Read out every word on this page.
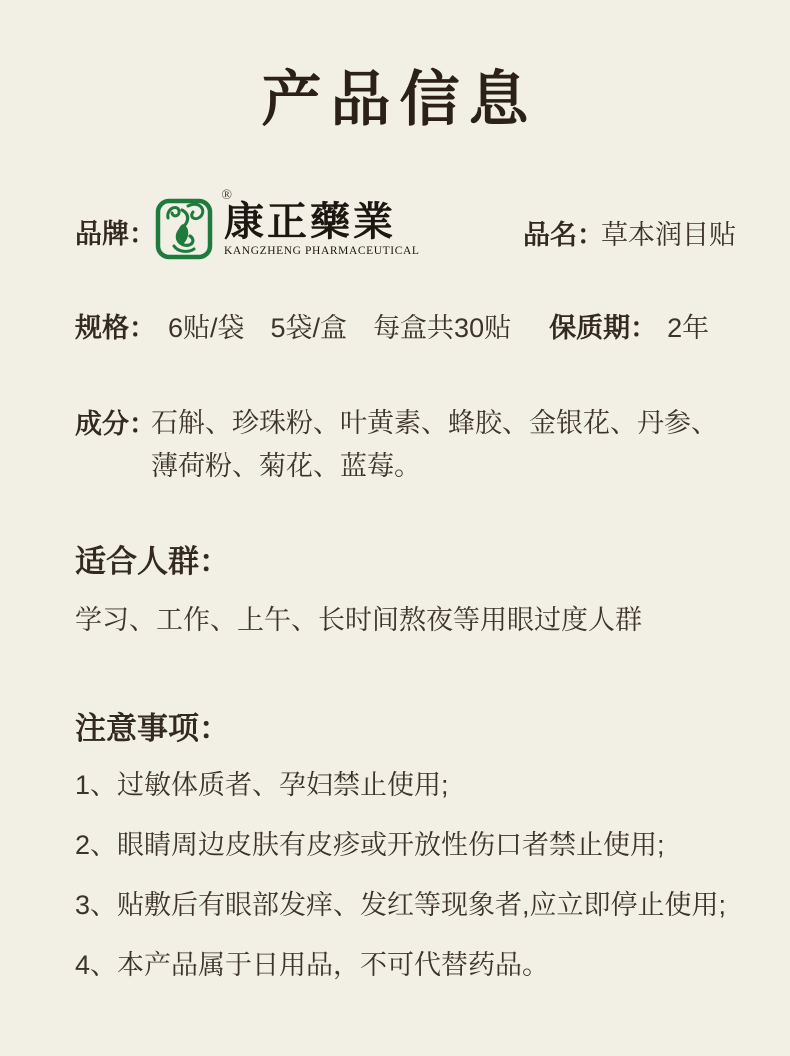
产品信息
品牌：
®
康正藥業
KANGZHENG PHARMACEUTICAL
品名：
草本润目贴
规格： 6贴/袋 5袋/盒 每盒共30贴 保质期： 2年
成分：
石斛、珍珠粉、叶黄素、蜂胶、金银花、丹参、
薄荷粉、菊花、蓝莓。
适合人群：
学习、工作、上午、长时间熬夜等用眼过度人群
注意事项：
1、过敏体质者、孕妇禁止使用;
2、眼睛周边皮肤有皮疹或开放性伤口者禁止使用;
3、贴敷后有眼部发痒、发红等现象者,应立即停止使用;
4、本产品属于日用品，不可代替药品。
